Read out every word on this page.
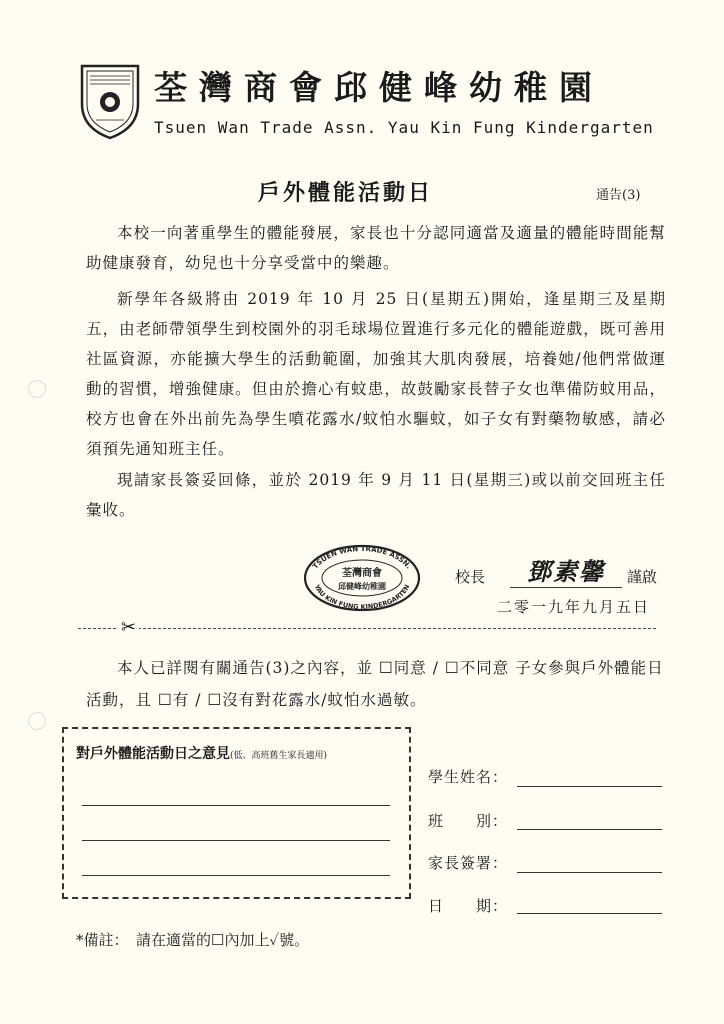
荃灣商會邱健峰幼稚園
Tsuen Wan Trade Assn. Yau Kin Fung Kindergarten
戶外體能活動日	通告(3)
本校一向著重學生的體能發展，家長也十分認同適當及適量的體能時間能幫助健康發育，幼兒也十分享受當中的樂趣。
新學年各級將由 2019 年 10 月 25 日(星期五)開始，逢星期三及星期五，由老師帶領學生到校園外的羽毛球場位置進行多元化的體能遊戲，既可善用社區資源，亦能擴大學生的活動範圍，加強其大肌肉發展，培養她/他們常做運動的習慣，增強健康。但由於擔心有蚊患，故鼓勵家長替子女也準備防蚊用品，校方也會在外出前先為學生噴花露水/蚊怕水驅蚊，如子女有對藥物敏感，請必須預先通知班主任。
現請家長簽妥回條，並於 2019 年 9 月 11 日(星期三)或以前交回班主任彙收。
TSUEN WAN TRADE ASSN.
荃灣商會
邱健峰幼稚園
YAU KIN FUNG KINDERGARTEN
校長	鄧素馨	謹啟
二零一九年九月五日
✂
本人已詳閱有關通告(3)之內容，並 ☐同意 / ☐不同意 子女參與戶外體能日活動，且 ☐有 / ☐沒有對花露水/蚊怕水過敏。
對戶外體能活動日之意見(低、高班舊生家長適用)
學生姓名：
班　　別：
家長簽署：
日　　期：
*備註：　請在適當的☐內加上✓號。
